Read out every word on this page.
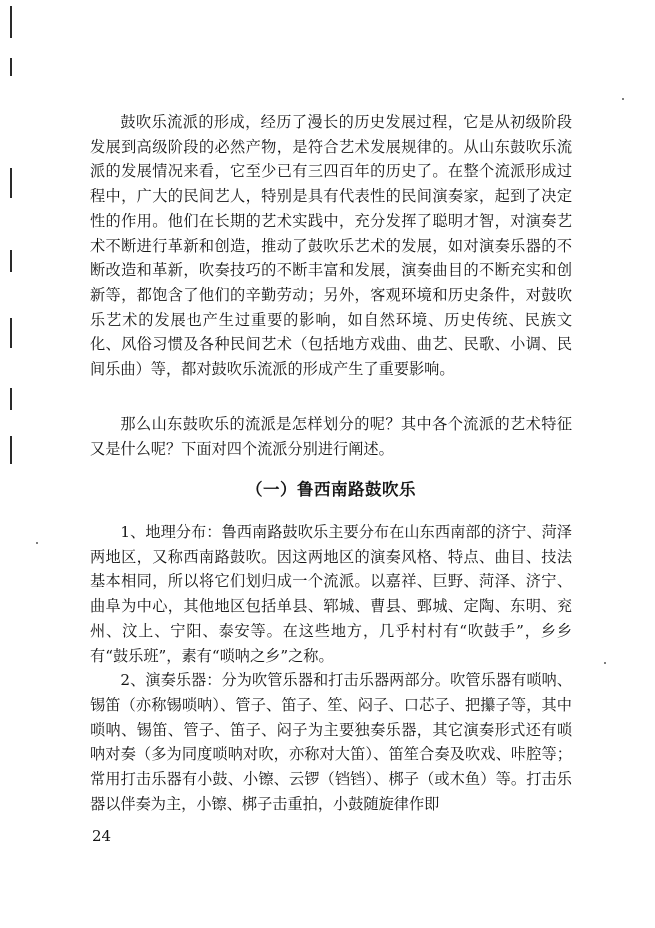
鼓吹乐流派的形成，经历了漫长的历史发展过程，它是从初级阶段发展到高级阶段的必然产物，是符合艺术发展规律的。从山东鼓吹乐流派的发展情况来看，它至少已有三四百年的历史了。在整个流派形成过程中，广大的民间艺人，特别是具有代表性的民间演奏家，起到了决定性的作用。他们在长期的艺术实践中，充分发挥了聪明才智，对演奏艺术不断进行革新和创造，推动了鼓吹乐艺术的发展，如对演奏乐器的不断改造和革新，吹奏技巧的不断丰富和发展，演奏曲目的不断充实和创新等，都饱含了他们的辛勤劳动；另外，客观环境和历史条件，对鼓吹乐艺术的发展也产生过重要的影响，如自然环境、历史传统、民族文化、风俗习惯及各种民间艺术（包括地方戏曲、曲艺、民歌、小调、民间乐曲）等，都对鼓吹乐流派的形成产生了重要影响。

那么山东鼓吹乐的流派是怎样划分的呢？其中各个流派的艺术特征又是什么呢？下面对四个流派分别进行阐述。

（一）鲁西南路鼓吹乐

1、地理分布：鲁西南路鼓吹乐主要分布在山东西南部的济宁、菏泽两地区，又称西南路鼓吹。因这两地区的演奏风格、特点、曲目、技法基本相同，所以将它们划归成一个流派。以嘉祥、巨野、菏泽、济宁、曲阜为中心，其他地区包括单县、郓城、曹县、鄄城、定陶、东明、兖州、汶上、宁阳、泰安等。在这些地方，几乎村村有“吹鼓手”，乡乡有“鼓乐班”，素有“唢呐之乡”之称。

2、演奏乐器：分为吹管乐器和打击乐器两部分。吹管乐器有唢呐、锡笛（亦称锡唢呐）、管子、笛子、笙、闷子、口芯子、把攥子等，其中唢呐、锡笛、管子、笛子、闷子为主要独奏乐器，其它演奏形式还有唢呐对奏（多为同度唢呐对吹，亦称对大笛）、笛笙合奏及吹戏、咔腔等；常用打击乐器有小鼓、小镲、云锣（铛铛）、梆子（或木鱼）等。打击乐器以伴奏为主，小镲、梆子击重拍，小鼓随旋律作即

24
